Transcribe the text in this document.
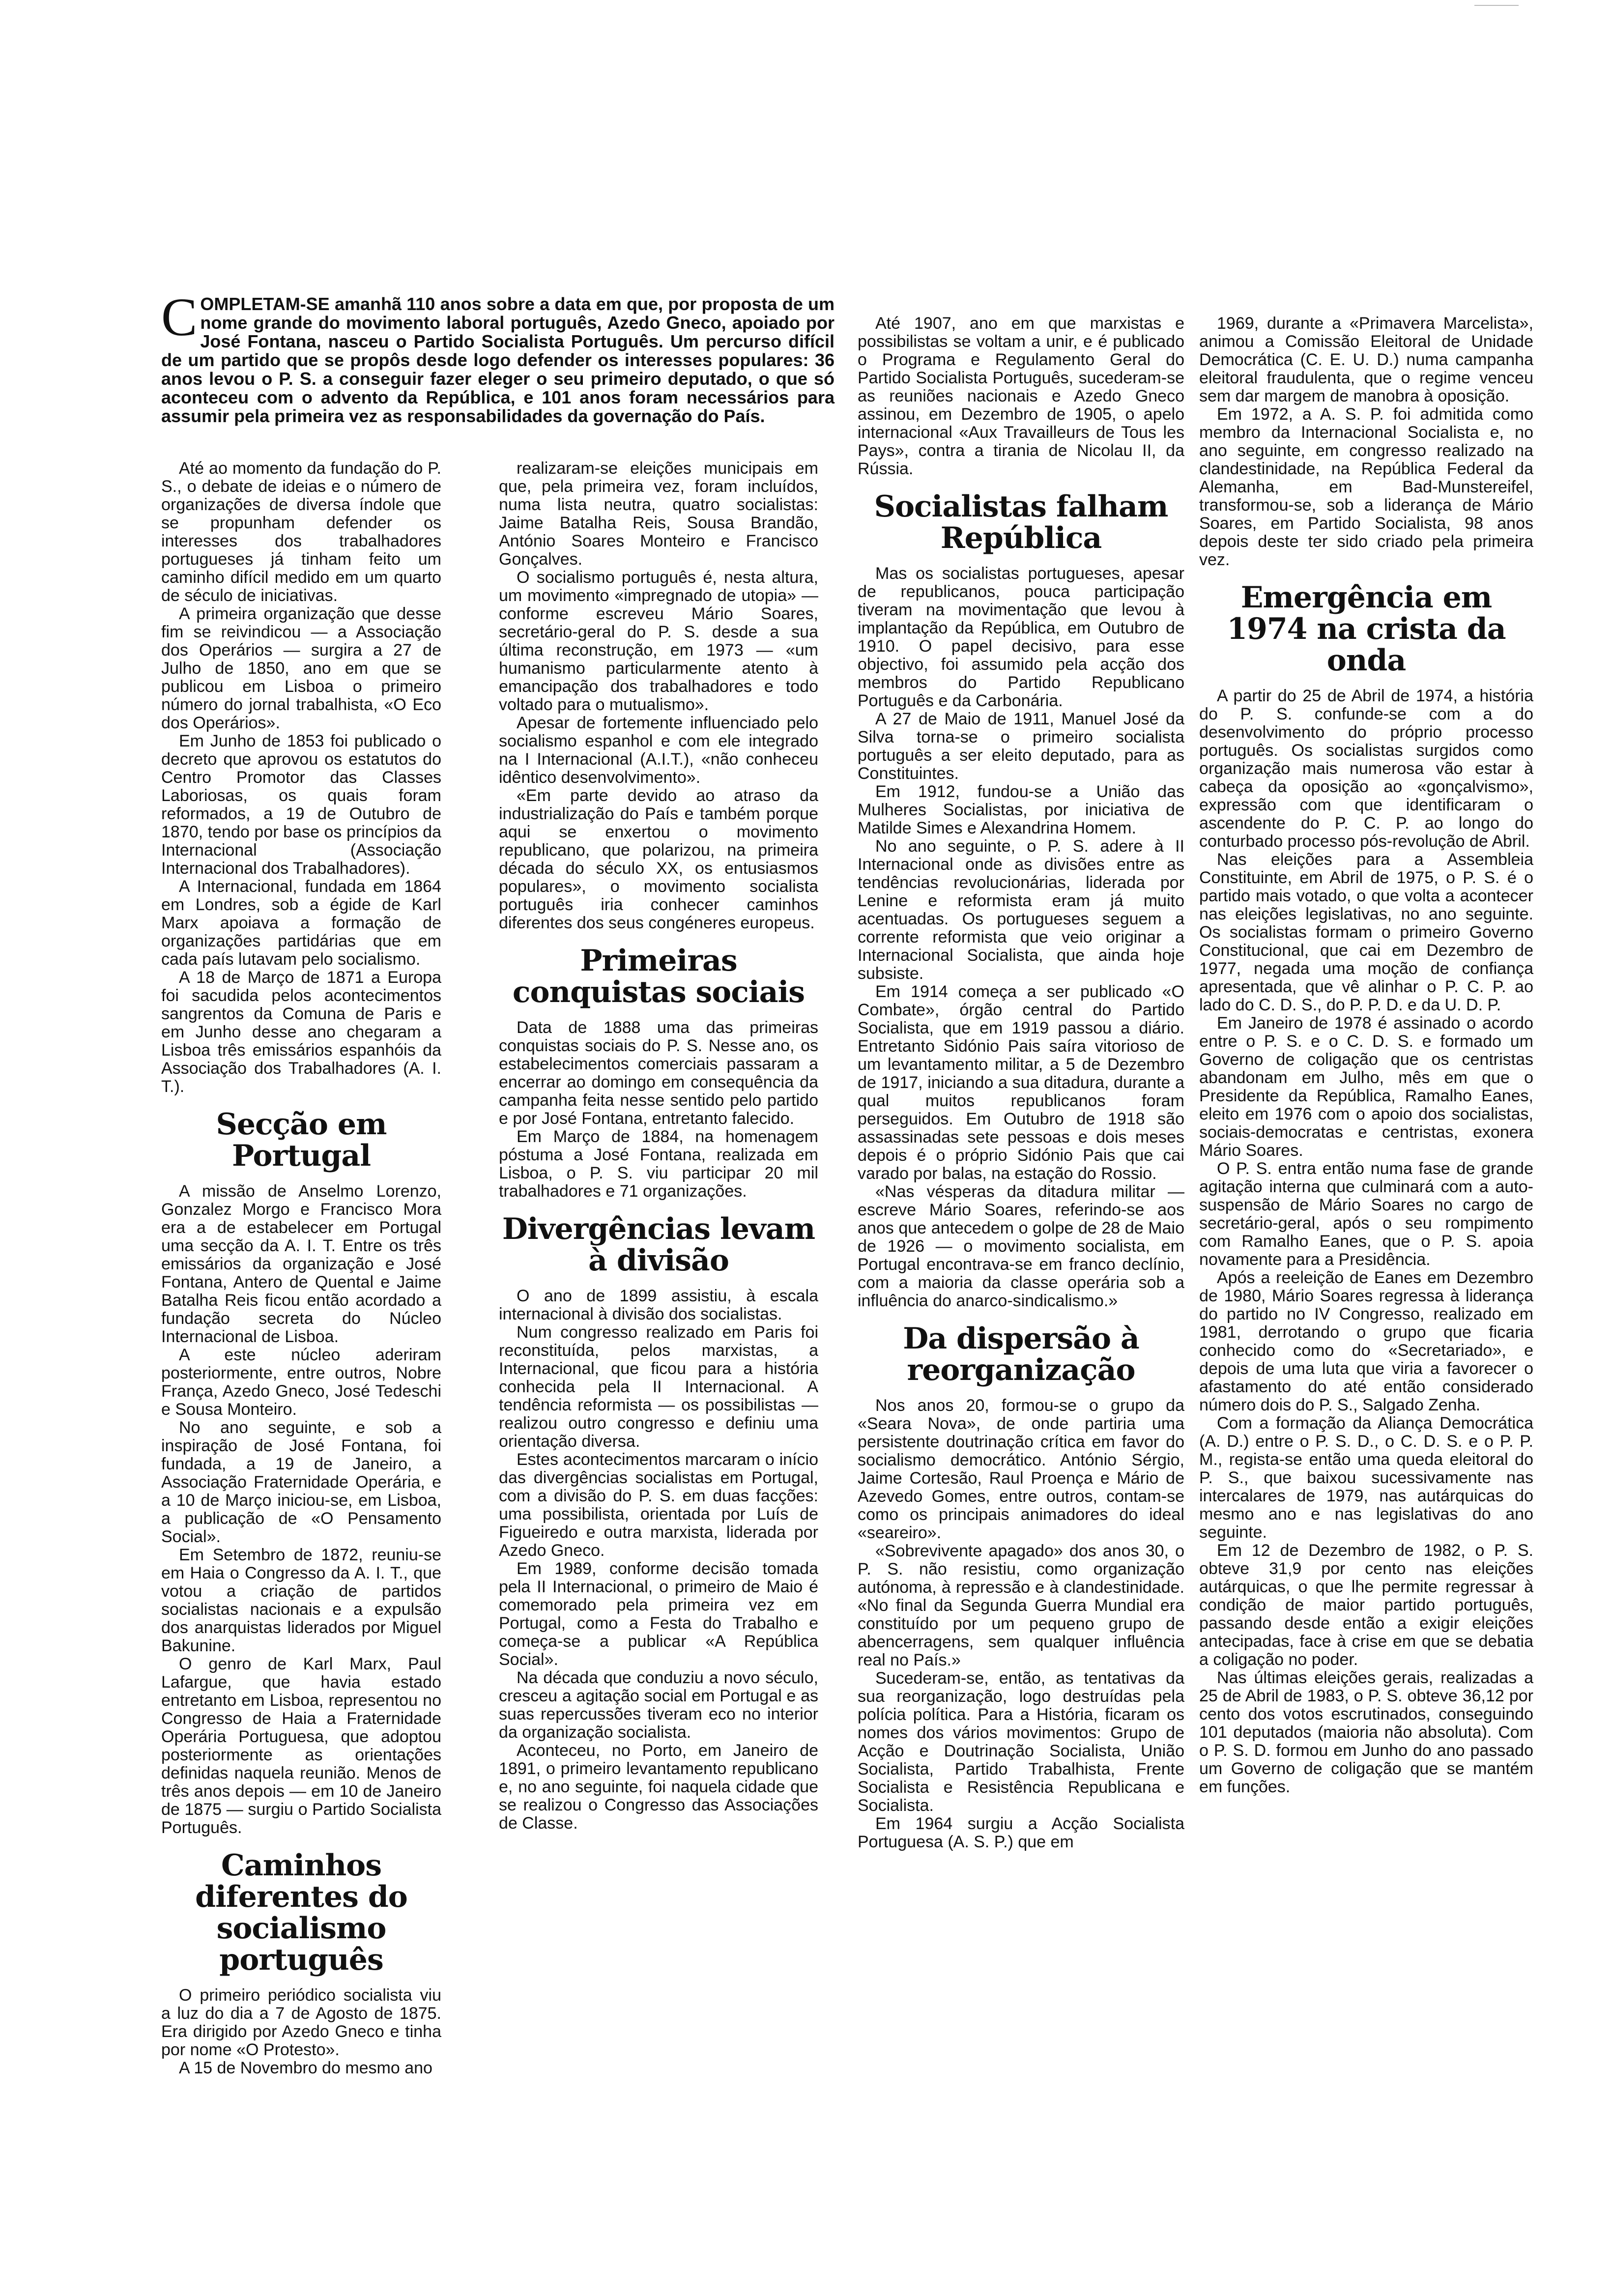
COMPLETAM-SE amanhã 110 anos sobre a data em que, por proposta de um nome grande do movimento laboral português, Azedo Gneco, apoiado por José Fontana, nasceu o Partido Socialista Português. Um percurso difícil de um partido que se propôs desde logo defender os interesses populares: 36 anos levou o P. S. a conseguir fazer eleger o seu primeiro deputado, o que só aconteceu com o advento da República, e 101 anos foram necessários para assumir pela primeira vez as responsabilidades da governação do País.

Até ao momento da fundação do P. S., o debate de ideias e o número de organizações de diversa índole que se propunham defender os interesses dos trabalhadores portugueses já tinham feito um caminho difícil medido em um quarto de século de iniciativas.

A primeira organização que desse fim se reivindicou — a Associação dos Operários — surgira a 27 de Julho de 1850, ano em que se publicou em Lisboa o primeiro número do jornal trabalhista, «O Eco dos Operários».

Em Junho de 1853 foi publicado o decreto que aprovou os estatutos do Centro Promotor das Classes Laboriosas, os quais foram reformados, a 19 de Outubro de 1870, tendo por base os princípios da Internacional (Associação Internacional dos Trabalhadores).

A Internacional, fundada em 1864 em Londres, sob a égide de Karl Marx apoiava a formação de organizações partidárias que em cada país lutavam pelo socialismo.

A 18 de Março de 1871 a Europa foi sacudida pelos acontecimentos sangrentos da Comuna de Paris e em Junho desse ano chegaram a Lisboa três emissários espanhóis da Associação dos Trabalhadores (A. I. T.).

Secção em Portugal

A missão de Anselmo Lorenzo, Gonzalez Morgo e Francisco Mora era a de estabelecer em Portugal uma secção da A. I. T. Entre os três emissários da organização e José Fontana, Antero de Quental e Jaime Batalha Reis ficou então acordado a fundação secreta do Núcleo Internacional de Lisboa.

A este núcleo aderiram posteriormente, entre outros, Nobre França, Azedo Gneco, José Tedeschi e Sousa Monteiro.

No ano seguinte, e sob a inspiração de José Fontana, foi fundada, a 19 de Janeiro, a Associação Fraternidade Operária, e a 10 de Março iniciou-se, em Lisboa, a publicação de «O Pensamento Social».

Em Setembro de 1872, reuniu-se em Haia o Congresso da A. I. T., que votou a criação de partidos socialistas nacionais e a expulsão dos anarquistas liderados por Miguel Bakunine.

O genro de Karl Marx, Paul Lafargue, que havia estado entretanto em Lisboa, representou no Congresso de Haia a Fraternidade Operária Portuguesa, que adoptou posteriormente as orientações definidas naquela reunião. Menos de três anos depois — em 10 de Janeiro de 1875 — surgiu o Partido Socialista Português.

Caminhos diferentes do socialismo português

O primeiro periódico socialista viu a luz do dia a 7 de Agosto de 1875. Era dirigido por Azedo Gneco e tinha por nome «O Protesto».

A 15 de Novembro do mesmo ano

realizaram-se eleições municipais em que, pela primeira vez, foram incluídos, numa lista neutra, quatro socialistas: Jaime Batalha Reis, Sousa Brandão, António Soares Monteiro e Francisco Gonçalves.

O socialismo português é, nesta altura, um movimento «impregnado de utopia» — conforme escreveu Mário Soares, secretário-geral do P. S. desde a sua última reconstrução, em 1973 — «um humanismo particularmente atento à emancipação dos trabalhadores e todo voltado para o mutualismo».

Apesar de fortemente influenciado pelo socialismo espanhol e com ele integrado na I Internacional (A.I.T.), «não conheceu idêntico desenvolvimento».

«Em parte devido ao atraso da industrialização do País e também porque aqui se enxertou o movimento republicano, que polarizou, na primeira década do século XX, os entusiasmos populares», o movimento socialista português iria conhecer caminhos diferentes dos seus congéneres europeus.

Primeiras conquistas sociais

Data de 1888 uma das primeiras conquistas sociais do P. S. Nesse ano, os estabelecimentos comerciais passaram a encerrar ao domingo em consequência da campanha feita nesse sentido pelo partido e por José Fontana, entretanto falecido.

Em Março de 1884, na homenagem póstuma a José Fontana, realizada em Lisboa, o P. S. viu participar 20 mil trabalhadores e 71 organizações.

Divergências levam à divisão

O ano de 1899 assistiu, à escala internacional à divisão dos socialistas.

Num congresso realizado em Paris foi reconstituída, pelos marxistas, a Internacional, que ficou para a história conhecida pela II Internacional. A tendência reformista — os possibilistas — realizou outro congresso e definiu uma orientação diversa.

Estes acontecimentos marcaram o início das divergências socialistas em Portugal, com a divisão do P. S. em duas facções: uma possibilista, orientada por Luís de Figueiredo e outra marxista, liderada por Azedo Gneco.

Em 1989, conforme decisão tomada pela II Internacional, o primeiro de Maio é comemorado pela primeira vez em Portugal, como a Festa do Trabalho e começa-se a publicar «A República Social».

Na década que conduziu a novo século, cresceu a agitação social em Portugal e as suas repercussões tiveram eco no interior da organização socialista.

Aconteceu, no Porto, em Janeiro de 1891, o primeiro levantamento republicano e, no ano seguinte, foi naquela cidade que se realizou o Congresso das Associações de Classe.

Até 1907, ano em que marxistas e possibilistas se voltam a unir, e é publicado o Programa e Regulamento Geral do Partido Socialista Português, sucederam-se as reuniões nacionais e Azedo Gneco assinou, em Dezembro de 1905, o apelo internacional «Aux Travailleurs de Tous les Pays», contra a tirania de Nicolau II, da Rússia.

Socialistas falham República

Mas os socialistas portugueses, apesar de republicanos, pouca participação tiveram na movimentação que levou à implantação da República, em Outubro de 1910. O papel decisivo, para esse objectivo, foi assumido pela acção dos membros do Partido Republicano Português e da Carbonária.

A 27 de Maio de 1911, Manuel José da Silva torna-se o primeiro socialista português a ser eleito deputado, para as Constituintes.

Em 1912, fundou-se a União das Mulheres Socialistas, por iniciativa de Matilde Simes e Alexandrina Homem.

No ano seguinte, o P. S. adere à II Internacional onde as divisões entre as tendências revolucionárias, liderada por Lenine e reformista eram já muito acentuadas. Os portugueses seguem a corrente reformista que veio originar a Internacional Socialista, que ainda hoje subsiste.

Em 1914 começa a ser publicado «O Combate», órgão central do Partido Socialista, que em 1919 passou a diário. Entretanto Sidónio Pais saíra vitorioso de um levantamento militar, a 5 de Dezembro de 1917, iniciando a sua ditadura, durante a qual muitos republicanos foram perseguidos. Em Outubro de 1918 são assassinadas sete pessoas e dois meses depois é o próprio Sidónio Pais que cai varado por balas, na estação do Rossio.

«Nas vésperas da ditadura militar — escreve Mário Soares, referindo-se aos anos que antecedem o golpe de 28 de Maio de 1926 — o movimento socialista, em Portugal encontrava-se em franco declínio, com a maioria da classe operária sob a influência do anarco-sindicalismo.»

Da dispersão à reorganização

Nos anos 20, formou-se o grupo da «Seara Nova», de onde partiria uma persistente doutrinação crítica em favor do socialismo democrático. António Sérgio, Jaime Cortesão, Raul Proença e Mário de Azevedo Gomes, entre outros, contam-se como os principais animadores do ideal «seareiro».

«Sobrevivente apagado» dos anos 30, o P. S. não resistiu, como organização autónoma, à repressão e à clandestinidade. «No final da Segunda Guerra Mundial era constituído por um pequeno grupo de abencerragens, sem qualquer influência real no País.»

Sucederam-se, então, as tentativas da sua reorganização, logo destruídas pela polícia política. Para a História, ficaram os nomes dos vários movimentos: Grupo de Acção e Doutrinação Socialista, União Socialista, Partido Trabalhista, Frente Socialista e Resistência Republicana e Socialista.

Em 1964 surgiu a Acção Socialista Portuguesa (A. S. P.) que em

1969, durante a «Primavera Marcelista», animou a Comissão Eleitoral de Unidade Democrática (C. E. U. D.) numa campanha eleitoral fraudulenta, que o regime venceu sem dar margem de manobra à oposição.

Em 1972, a A. S. P. foi admitida como membro da Internacional Socialista e, no ano seguinte, em congresso realizado na clandestinidade, na República Federal da Alemanha, em Bad-Munstereifel, transformou-se, sob a liderança de Mário Soares, em Partido Socialista, 98 anos depois deste ter sido criado pela primeira vez.

Emergência em 1974 na crista da onda

A partir do 25 de Abril de 1974, a história do P. S. confunde-se com a do desenvolvimento do próprio processo português. Os socialistas surgidos como organização mais numerosa vão estar à cabeça da oposição ao «gonçalvismo», expressão com que identificaram o ascendente do P. C. P. ao longo do conturbado processo pós-revolução de Abril.

Nas eleições para a Assembleia Constituinte, em Abril de 1975, o P. S. é o partido mais votado, o que volta a acontecer nas eleições legislativas, no ano seguinte. Os socialistas formam o primeiro Governo Constitucional, que cai em Dezembro de 1977, negada uma moção de confiança apresentada, que vê alinhar o P. C. P. ao lado do C. D. S., do P. P. D. e da U. D. P.

Em Janeiro de 1978 é assinado o acordo entre o P. S. e o C. D. S. e formado um Governo de coligação que os centristas abandonam em Julho, mês em que o Presidente da República, Ramalho Eanes, eleito em 1976 com o apoio dos socialistas, sociais-democratas e centristas, exonera Mário Soares.

O P. S. entra então numa fase de grande agitação interna que culminará com a auto-suspensão de Mário Soares no cargo de secretário-geral, após o seu rompimento com Ramalho Eanes, que o P. S. apoia novamente para a Presidência.

Após a reeleição de Eanes em Dezembro de 1980, Mário Soares regressa à liderança do partido no IV Congresso, realizado em 1981, derrotando o grupo que ficaria conhecido como do «Secretariado», e depois de uma luta que viria a favorecer o afastamento do até então considerado número dois do P. S., Salgado Zenha.

Com a formação da Aliança Democrática (A. D.) entre o P. S. D., o C. D. S. e o P. P. M., regista-se então uma queda eleitoral do P. S., que baixou sucessivamente nas intercalares de 1979, nas autárquicas do mesmo ano e nas legislativas do ano seguinte.

Em 12 de Dezembro de 1982, o P. S. obteve 31,9 por cento nas eleições autárquicas, o que lhe permite regressar à condição de maior partido português, passando desde então a exigir eleições antecipadas, face à crise em que se debatia a coligação no poder.

Nas últimas eleições gerais, realizadas a 25 de Abril de 1983, o P. S. obteve 36,12 por cento dos votos escrutinados, conseguindo 101 deputados (maioria não absoluta). Com o P. S. D. formou em Junho do ano passado um Governo de coligação que se mantém em funções.
